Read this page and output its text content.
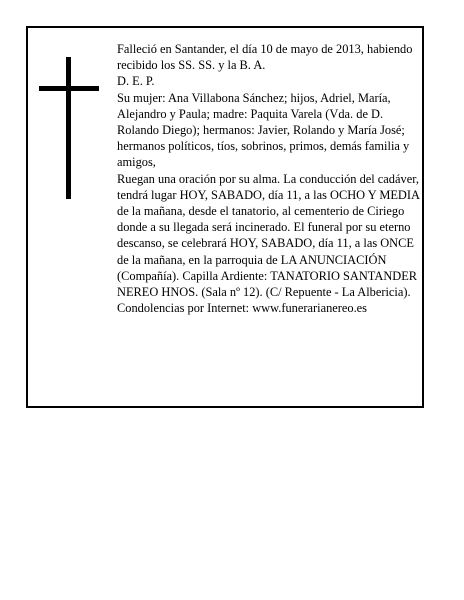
Falleció en Santander, el día 10 de mayo de 2013, habiendo recibido los SS. SS. y la B. A.

D. E. P.

Su mujer: Ana Villabona Sánchez; hijos, Adriel, María, Alejandro y Paula; madre: Paquita Varela (Vda. de D. Rolando Diego); hermanos: Javier, Rolando y María José; hermanos políticos, tíos, sobrinos, primos, demás familia y amigos,

Ruegan una oración por su alma. La conducción del cadáver, tendrá lugar HOY, SABADO, día 11, a las OCHO Y MEDIA de la mañana, desde el tanatorio, al cementerio de Ciriego donde a su llegada será incinerado. El funeral por su eterno descanso, se celebrará HOY, SABADO, día 11, a las ONCE de la mañana, en la parroquia de LA ANUNCIACIÓN (Compañía). Capilla Ardiente: TANATORIO SANTANDER NEREO HNOS. (Sala nº 12). (C/ Repuente - La Albericia).

Condolencias por Internet: www.funerarianereo.es
